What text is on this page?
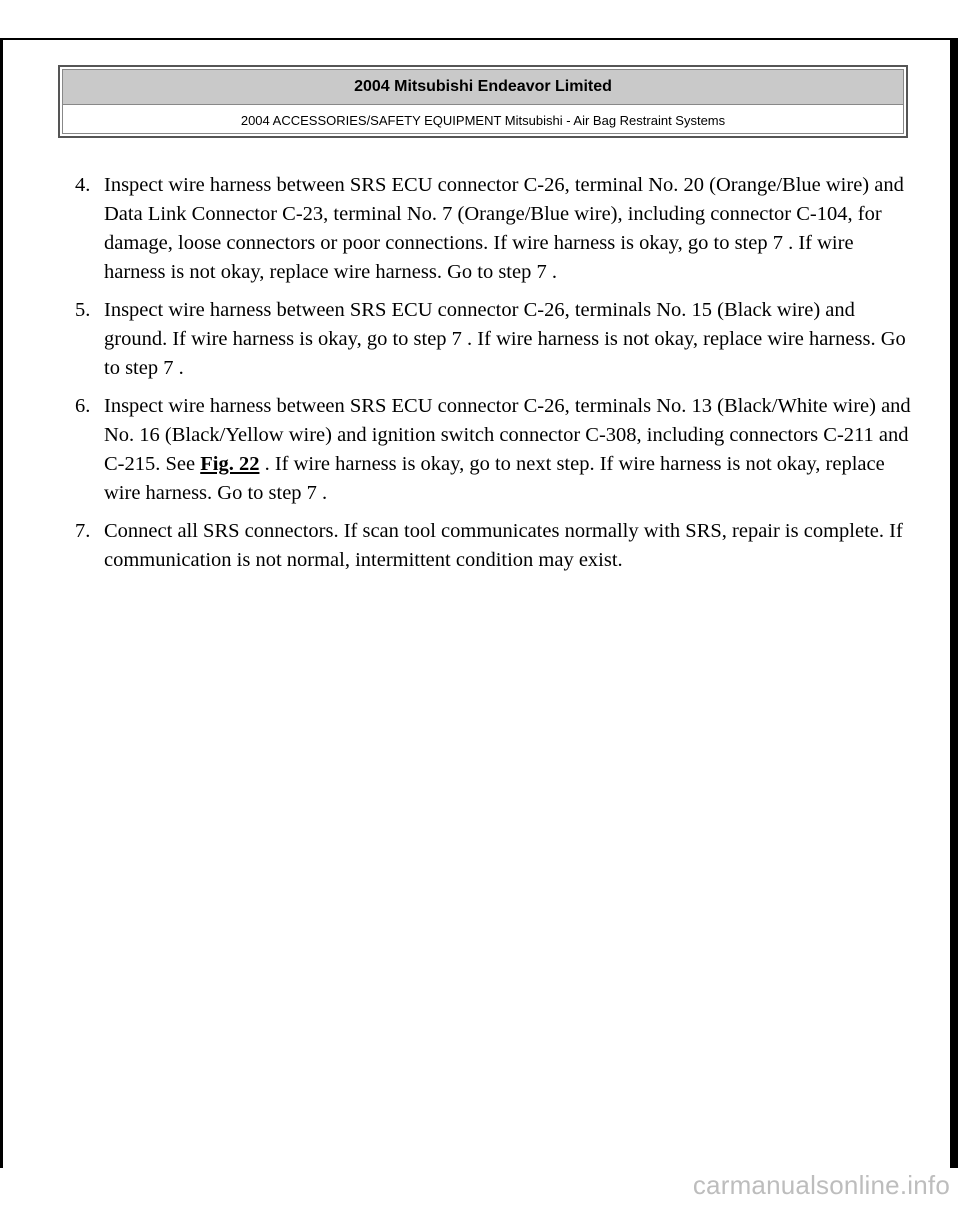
2004 Mitsubishi Endeavor Limited
2004 ACCESSORIES/SAFETY EQUIPMENT Mitsubishi - Air Bag Restraint Systems
4. Inspect wire harness between SRS ECU connector C-26, terminal No. 20 (Orange/Blue wire) and Data Link Connector C-23, terminal No. 7 (Orange/Blue wire), including connector C-104, for damage, loose connectors or poor connections. If wire harness is okay, go to step 7 . If wire harness is not okay, replace wire harness. Go to step 7 .
5. Inspect wire harness between SRS ECU connector C-26, terminals No. 15 (Black wire) and ground. If wire harness is okay, go to step 7 . If wire harness is not okay, replace wire harness. Go to step 7 .
6. Inspect wire harness between SRS ECU connector C-26, terminals No. 13 (Black/White wire) and No. 16 (Black/Yellow wire) and ignition switch connector C-308, including connectors C-211 and C-215. See Fig. 22 . If wire harness is okay, go to next step. If wire harness is not okay, replace wire harness. Go to step 7 .
7. Connect all SRS connectors. If scan tool communicates normally with SRS, repair is complete. If communication is not normal, intermittent condition may exist.
carmanualsonline.info
